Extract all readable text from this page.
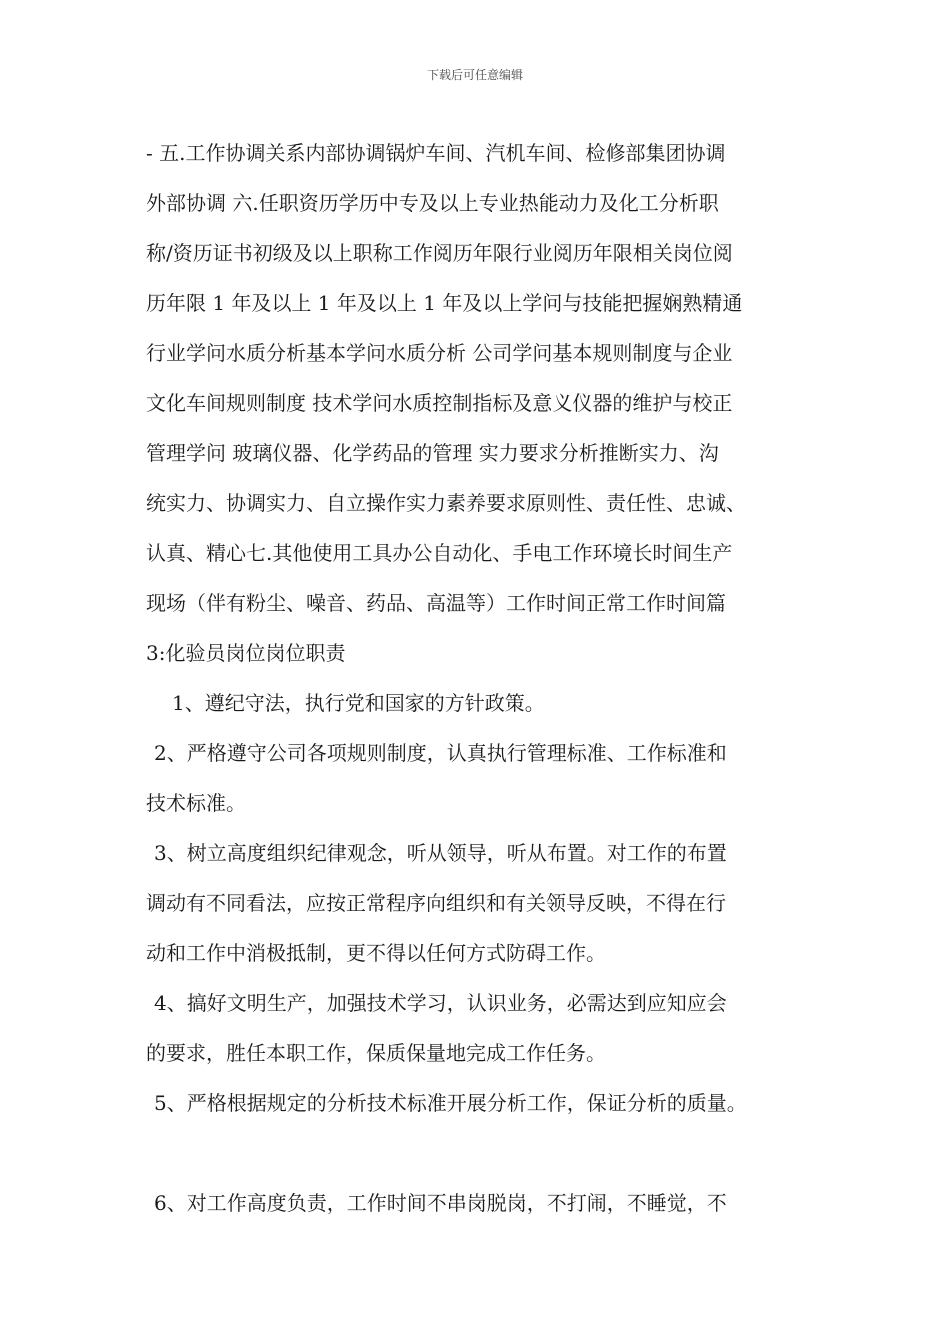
下载后可任意编辑
- 五.工作协调关系内部协调锅炉车间、汽机车间、检修部集团协调
外部协调 六.任职资历学历中专及以上专业热能动力及化工分析职
称/资历证书初级及以上职称工作阅历年限行业阅历年限相关岗位阅
历年限 1 年及以上 1 年及以上 1 年及以上学问与技能把握娴熟精通
行业学问水质分析基本学问水质分析 公司学问基本规则制度与企业
文化车间规则制度 技术学问水质控制指标及意义仪器的维护与校正
管理学问 玻璃仪器、化学药品的管理 实力要求分析推断实力、沟
统实力、协调实力、自立操作实力素养要求原则性、责任性、忠诚、
认真、精心七.其他使用工具办公自动化、手电工作环境长时间生产
现场（伴有粉尘、噪音、药品、高温等）工作时间正常工作时间篇
3:化验员岗位岗位职责
1、遵纪守法，执行党和国家的方针政策。
2、严格遵守公司各项规则制度，认真执行管理标准、工作标准和
技术标准。
3、树立高度组织纪律观念，听从领导，听从布置。对工作的布置
调动有不同看法，应按正常程序向组织和有关领导反映，不得在行
动和工作中消极抵制，更不得以任何方式防碍工作。
4、搞好文明生产，加强技术学习，认识业务，必需达到应知应会
的要求，胜任本职工作，保质保量地完成工作任务。
5、严格根据规定的分析技术标准开展分析工作，保证分析的质量。
6、对工作高度负责，工作时间不串岗脱岗，不打闹，不睡觉，不
